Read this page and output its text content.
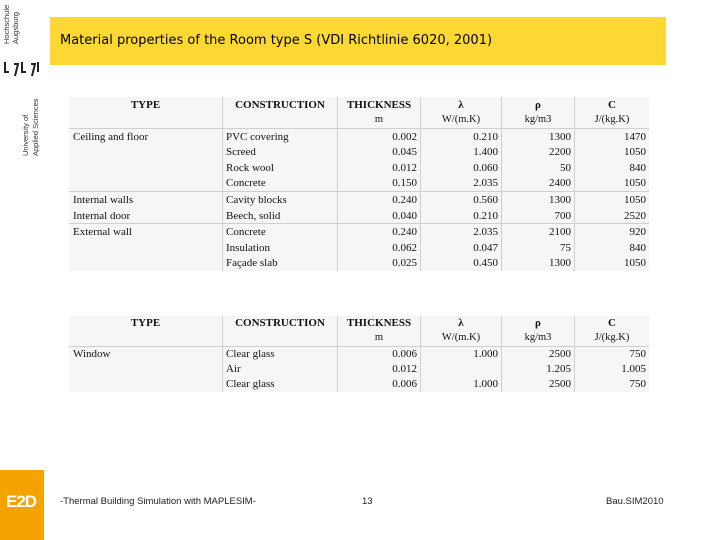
Hochschule Augsburg
University of Applied Sciences
E2D
Material properties of the Room type S (VDI Richtlinie 6020, 2001)
TYPE	CONSTRUCTION	THICKNESS	λ	ρ	C
		m	W/(m.K)	kg/m3	J/(kg.K)
Ceiling and floor	PVC covering	0.002	0.210	1300	1470
	Screed	0.045	1.400	2200	1050
	Rock wool	0.012	0.060	50	840
	Concrete	0.150	2.035	2400	1050
Internal walls	Cavity blocks	0.240	0.560	1300	1050
Internal door	Beech, solid	0.040	0.210	700	2520
External wall	Concrete	0.240	2.035	2100	920
	Insulation	0.062	0.047	75	840
	Façade slab	0.025	0.450	1300	1050
TYPE	CONSTRUCTION	THICKNESS	λ	ρ	C
		m	W/(m.K)	kg/m3	J/(kg.K)
Window	Clear glass	0.006	1.000	2500	750
	Air	0.012		1.205	1.005
	Clear glass	0.006	1.000	2500	750
-Thermal Building Simulation with MAPLESIM-	13	Bau.SIM2010
